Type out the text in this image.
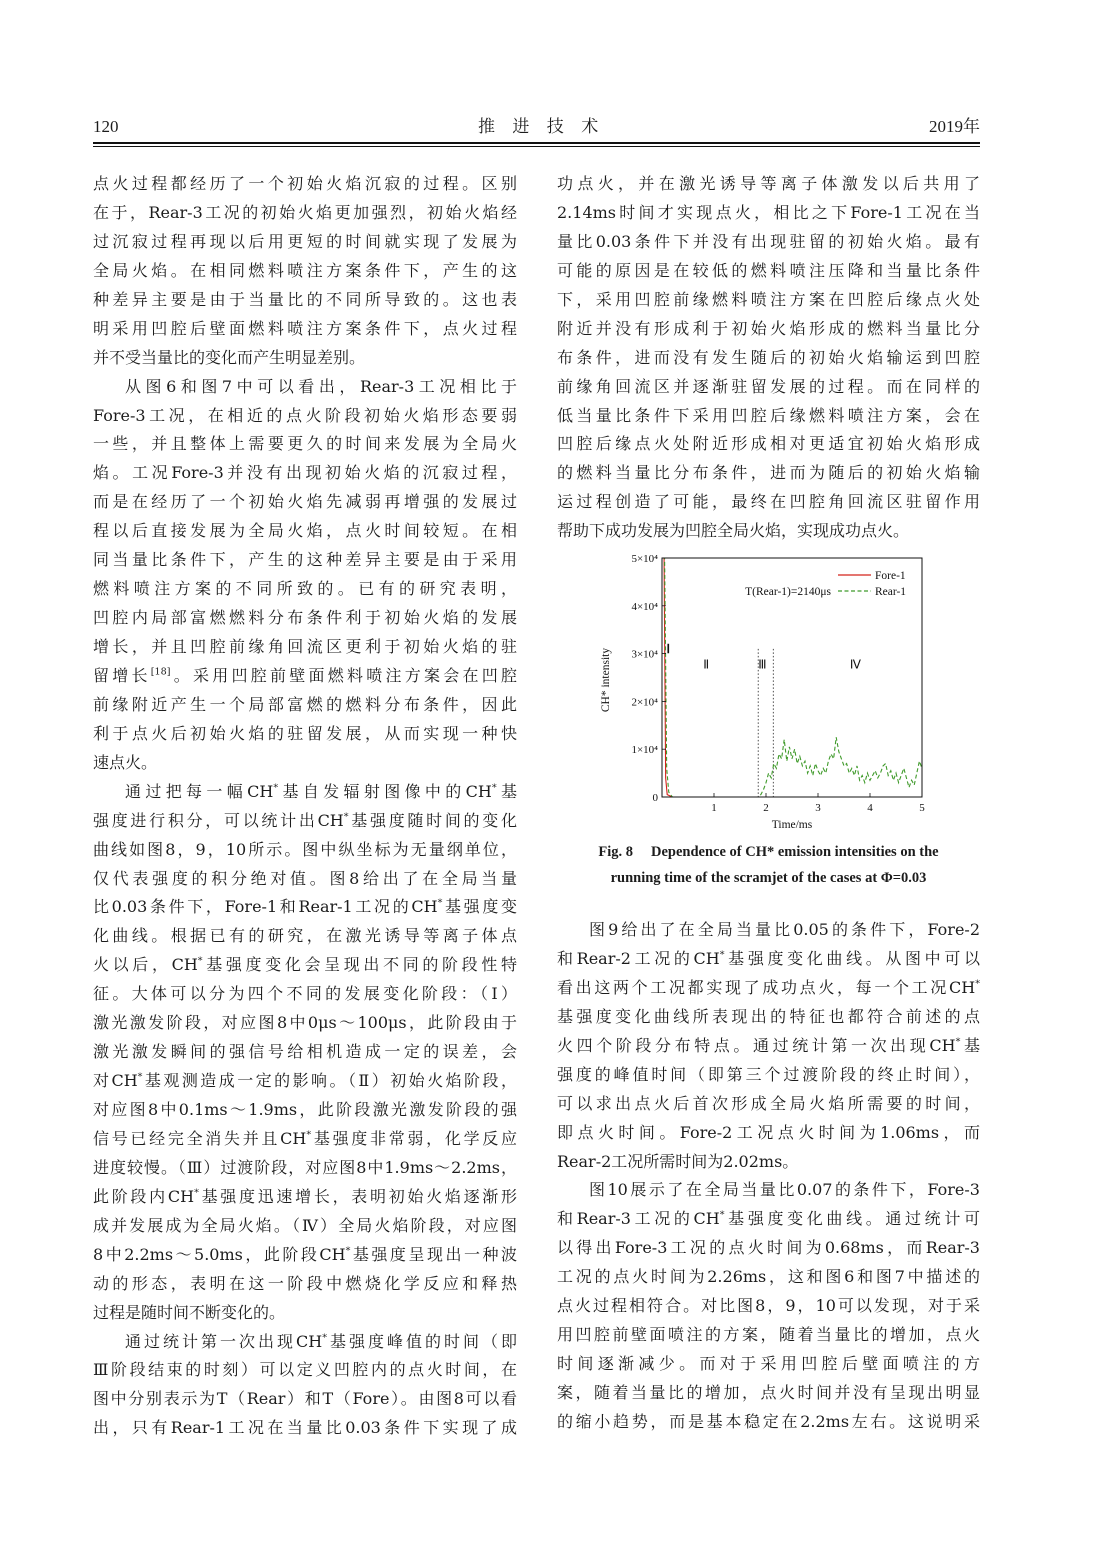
120	推 进 技 术	2019年
点火过程都经历了一个初始火焰沉寂的过程。区别
在于，Rear-3工况的初始火焰更加强烈，初始火焰经
过沉寂过程再现以后用更短的时间就实现了发展为
全局火焰。在相同燃料喷注方案条件下，产生的这
种差异主要是由于当量比的不同所导致的。这也表
明采用凹腔后壁面燃料喷注方案条件下，点火过程
并不受当量比的变化而产生明显差别。
从图6和图7中可以看出，Rear-3工况相比于
Fore-3工况，在相近的点火阶段初始火焰形态要弱
一些，并且整体上需要更久的时间来发展为全局火
焰。工况Fore-3并没有出现初始火焰的沉寂过程，
而是在经历了一个初始火焰先减弱再增强的发展过
程以后直接发展为全局火焰，点火时间较短。在相
同当量比条件下，产生的这种差异主要是由于采用
燃料喷注方案的不同所致的。已有的研究表明，
凹腔内局部富燃燃料分布条件利于初始火焰的发展
增长，并且凹腔前缘角回流区更利于初始火焰的驻
留增长[18]。采用凹腔前壁面燃料喷注方案会在凹腔
前缘附近产生一个局部富燃的燃料分布条件，因此
利于点火后初始火焰的驻留发展，从而实现一种快
速点火。
通过把每一幅CH*基自发辐射图像中的CH*基
强度进行积分，可以统计出CH*基强度随时间的变化
曲线如图8，9，10所示。图中纵坐标为无量纲单位，
仅代表强度的积分绝对值。图8给出了在全局当量
比0.03条件下，Fore-1和Rear-1工况的CH*基强度变
化曲线。根据已有的研究，在激光诱导等离子体点
火以后，CH*基强度变化会呈现出不同的阶段性特
征。大体可以分为四个不同的发展变化阶段：（Ⅰ）
激光激发阶段，对应图8中0μs～100μs，此阶段由于
激光激发瞬间的强信号给相机造成一定的误差，会
对CH*基观测造成一定的影响。（Ⅱ）初始火焰阶段，
对应图8中0.1ms～1.9ms，此阶段激光激发阶段的强
信号已经完全消失并且CH*基强度非常弱，化学反应
进度较慢。（Ⅲ）过渡阶段，对应图8中1.9ms～2.2ms，
此阶段内CH*基强度迅速增长，表明初始火焰逐渐形
成并发展成为全局火焰。（Ⅳ）全局火焰阶段，对应图
8中2.2ms～5.0ms，此阶段CH*基强度呈现出一种波
动的形态，表明在这一阶段中燃烧化学反应和释热
过程是随时间不断变化的。
通过统计第一次出现CH*基强度峰值的时间（即
Ⅲ阶段结束的时刻）可以定义凹腔内的点火时间，在
图中分别表示为T（Rear）和T（Fore）。由图8可以看
出，只有Rear-1工况在当量比0.03条件下实现了成
功点火，并在激光诱导等离子体激发以后共用了
2.14ms时间才实现点火，相比之下Fore-1工况在当
量比0.03条件下并没有出现驻留的初始火焰。最有
可能的原因是在较低的燃料喷注压降和当量比条件
下，采用凹腔前缘燃料喷注方案在凹腔后缘点火处
附近并没有形成利于初始火焰形成的燃料当量比分
布条件，进而没有发生随后的初始火焰输运到凹腔
前缘角回流区并逐渐驻留发展的过程。而在同样的
低当量比条件下采用凹腔后缘燃料喷注方案，会在
凹腔后缘点火处附近形成相对更适宜初始火焰形成
的燃料当量比分布条件，进而为随后的初始火焰输
运过程创造了可能，最终在凹腔角回流区驻留作用
帮助下成功发展为凹腔全局火焰，实现成功点火。
0
1×10⁴
2×10⁴
3×10⁴
4×10⁴
5×10⁴
1	2	3	4	5
Time/ms
CH* intensity
Fore-1
Rear-1
T(Rear-1)=2140μs
Ⅰ
Ⅱ	Ⅲ	Ⅳ
Fig. 8 Dependence of CH* emission intensities on the
running time of the scramjet of the cases at Φ=0.03
图9给出了在全局当量比0.05的条件下，Fore-2
和Rear-2工况的CH*基强度变化曲线。从图中可以
看出这两个工况都实现了成功点火，每一个工况CH*
基强度变化曲线所表现出的特征也都符合前述的点
火四个阶段分布特点。通过统计第一次出现CH*基
强度的峰值时间（即第三个过渡阶段的终止时间），
可以求出点火后首次形成全局火焰所需要的时间，
即点火时间。Fore-2工况点火时间为1.06ms，而
Rear-2工况所需时间为2.02ms。
图10展示了在全局当量比0.07的条件下，Fore-3
和Rear-3工况的CH*基强度变化曲线。通过统计可
以得出Fore-3工况的点火时间为0.68ms，而Rear-3
工况的点火时间为2.26ms，这和图6和图7中描述的
点火过程相符合。对比图8，9，10可以发现，对于采
用凹腔前壁面喷注的方案，随着当量比的增加，点火
时间逐渐减少。而对于采用凹腔后壁面喷注的方
案，随着当量比的增加，点火时间并没有呈现出明显
的缩小趋势，而是基本稳定在2.2ms左右。这说明采
